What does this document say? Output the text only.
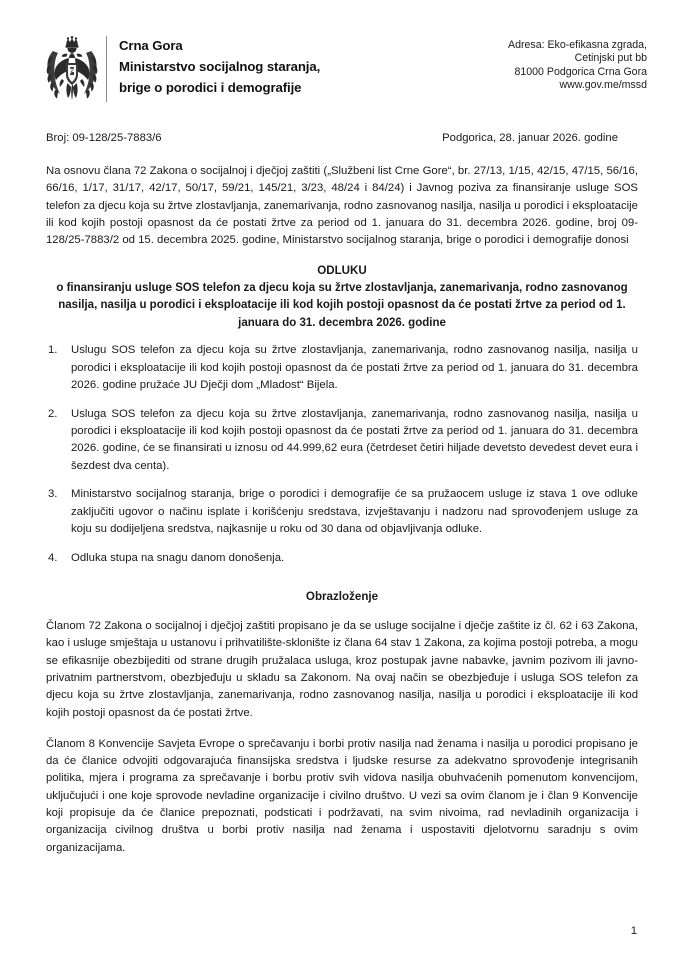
Crna Gora
Ministarstvo socijalnog staranja,
brige o porodici i demografije
Adresa: Eko-efikasna zgrada,
Cetinjski put bb
81000 Podgorica Crna Gora
www.gov.me/mssd
Broj: 09-128/25-7883/6	Podgorica, 28. januar 2026. godine

Na osnovu člana 72 Zakona o socijalnoj i dječjoj zaštiti („Službeni list Crne Gore“, br. 27/13, 1/15, 42/15, 47/15, 56/16, 66/16, 1/17, 31/17, 42/17, 50/17, 59/21, 145/21, 3/23, 48/24 i 84/24) i Javnog poziva za finansiranje usluge SOS telefon za djecu koja su žrtve zlostavljanja, zanemarivanja, rodno zasnovanog nasilja, nasilja u porodici i eksploatacije ili kod kojih postoji opasnost da će postati žrtve za period od 1. januara do 31. decembra 2026. godine, broj 09-128/25-7883/2 od 15. decembra 2025. godine, Ministarstvo socijalnog staranja, brige o porodici i demografije donosi

ODLUKU
o finansiranju usluge SOS telefon za djecu koja su žrtve zlostavljanja, zanemarivanja, rodno zasnovanog nasilja, nasilja u porodici i eksploatacije ili kod kojih postoji opasnost da će postati žrtve za period od 1. januara do 31. decembra 2026. godine
1.	Uslugu SOS telefon za djecu koja su žrtve zlostavljanja, zanemarivanja, rodno zasnovanog nasilja, nasilja u porodici i eksploatacije ili kod kojih postoji opasnost da će postati žrtve za period od 1. januara do 31. decembra 2026. godine pružaće JU Dječji dom „Mladost“ Bijela.
2.	Usluga SOS telefon za djecu koja su žrtve zlostavljanja, zanemarivanja, rodno zasnovanog nasilja, nasilja u porodici i eksploatacije ili kod kojih postoji opasnost da će postati žrtve za period od 1. januara do 31. decembra 2026. godine, će se finansirati u iznosu od 44.999,62 eura (četrdeset četiri hiljade devetsto devedest devet eura i šezdest dva centa).
3.	Ministarstvo socijalnog staranja, brige o porodici i demografije će sa pružaocem usluge iz stava 1 ove odluke zaključiti ugovor o načinu isplate i korišćenju sredstava, izvještavanju i nadzoru nad sprovođenjem usluge za koju su dodijeljena sredstva, najkasnije u roku od 30 dana od objavljivanja odluke.
4.	Odluka stupa na snagu danom donošenja.
Obrazloženje

Članom 72 Zakona o socijalnoj i dječjoj zaštiti propisano je da se usluge socijalne i dječje zaštite iz čl. 62 i 63 Zakona, kao i usluge smještaja u ustanovu i prihvatilište-sklonište iz člana 64 stav 1 Zakona, za kojima postoji potreba, a mogu se efikasnije obezbijediti od strane drugih pružalaca usluga, kroz postupak javne nabavke, javnim pozivom ili javno-privatnim partnerstvom, obezbjeđuju u skladu sa Zakonom. Na ovaj način se obezbjeđuje i usluga SOS telefon za djecu koja su žrtve zlostavljanja, zanemarivanja, rodno zasnovanog nasilja, nasilja u porodici i eksploatacije ili kod kojih postoji opasnost da će postati žrtve.

Članom 8 Konvencije Savjeta Evrope o sprečavanju i borbi protiv nasilja nad ženama i nasilja u porodici propisano je da će članice odvojiti odgovarajuća finansijska sredstva i ljudske resurse za adekvatno sprovođenje integrisanih politika, mjera i programa za sprečavanje i borbu protiv svih vidova nasilja obuhvaćenih pomenutom konvencijom, uključujući i one koje sprovode nevladine organizacije i civilno društvo. U vezi sa ovim članom je i član 9 Konvencije koji propisuje da će članice prepoznati, podsticati i podržavati, na svim nivoima, rad nevladinih organizacija i organizacija civilnog društva u borbi protiv nasilja nad ženama i uspostaviti djelotvornu saradnju s ovim organizacijama.

1
